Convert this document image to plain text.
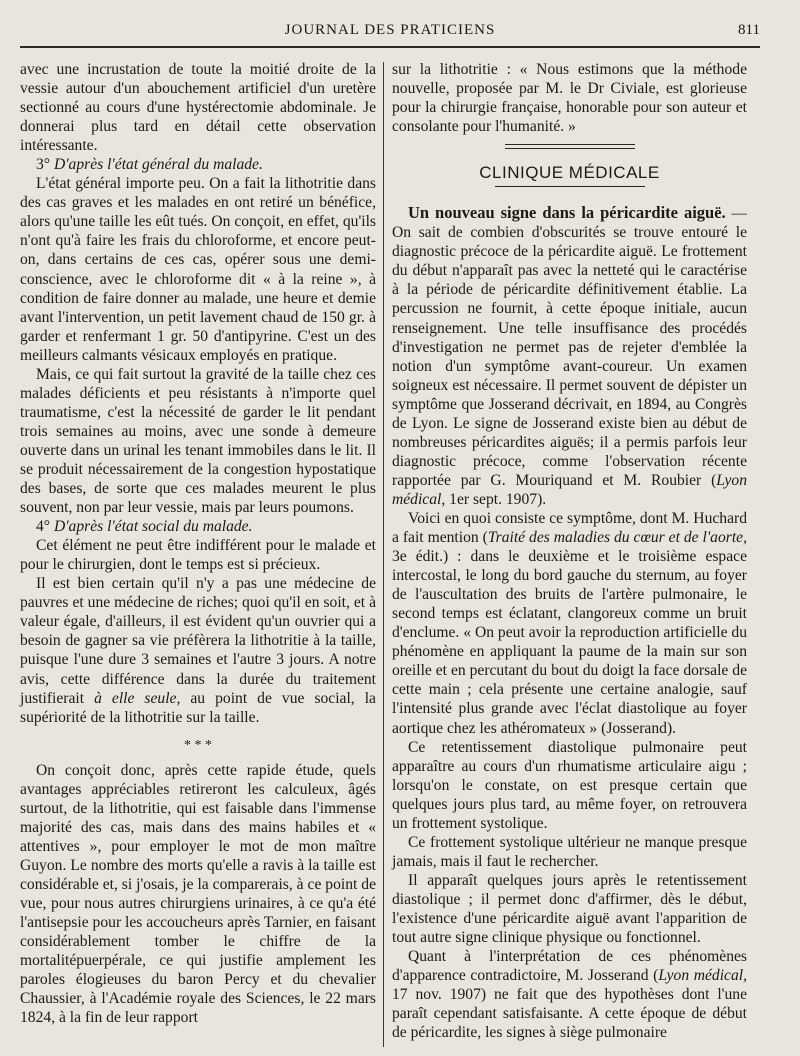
JOURNAL DES PRATICIENS	811

avec une incrustation de toute la moitié droite de la vessie autour d'un abouchement artificiel d'un uretère sectionné au cours d'une hystérectomie abdominale. Je donnerai plus tard en détail cette observation intéressante.

3° D'après l'état général du malade.

L'état général importe peu. On a fait la lithotritie dans des cas graves et les malades en ont retiré un bénéfice, alors qu'une taille les eût tués. On conçoit, en effet, qu'ils n'ont qu'à faire les frais du chloroforme, et encore peut-on, dans certains de ces cas, opérer sous une demi-conscience, avec le chloroforme dit « à la reine », à condition de faire donner au malade, une heure et demie avant l'intervention, un petit lavement chaud de 150 gr. à garder et renfermant 1 gr. 50 d'antipyrine. C'est un des meilleurs calmants vésicaux employés en pratique.

Mais, ce qui fait surtout la gravité de la taille chez ces malades déficients et peu résistants à n'importe quel traumatisme, c'est la nécessité de garder le lit pendant trois semaines au moins, avec une sonde à demeure ouverte dans un urinal les tenant immobiles dans le lit. Il se produit nécessairement de la congestion hypostatique des bases, de sorte que ces malades meurent le plus souvent, non par leur vessie, mais par leurs poumons.

4° D'après l'état social du malade.

Cet élément ne peut être indifférent pour le malade et pour le chirurgien, dont le temps est si précieux.

Il est bien certain qu'il n'y a pas une médecine de pauvres et une médecine de riches; quoi qu'il en soit, et à valeur égale, d'ailleurs, il est évident qu'un ouvrier qui a besoin de gagner sa vie préfèrera la lithotritie à la taille, puisque l'une dure 3 semaines et l'autre 3 jours. A notre avis, cette différence dans la durée du traitement justifierait à elle seule, au point de vue social, la supériorité de la lithotritie sur la taille.

* * *

On conçoit donc, après cette rapide étude, quels avantages appréciables retireront les calculeux, âgés surtout, de la lithotritie, qui est faisable dans l'immense majorité des cas, mais dans des mains habiles et « attentives », pour employer le mot de mon maître Guyon. Le nombre des morts qu'elle a ravis à la taille est considérable et, si j'osais, je la comparerais, à ce point de vue, pour nous autres chirurgiens urinaires, à ce qu'a été l'antisepsie pour les accoucheurs après Tarnier, en faisant considérablement tomber le chiffre de la mortalitépuerpérale, ce qui justifie amplement les paroles élogieuses du baron Percy et du chevalier Chaussier, à l'Académie royale des Sciences, le 22 mars 1824, à la fin de leur rapport

sur la lithotritie : « Nous estimons que la méthode nouvelle, proposée par M. le Dr Civiale, est glorieuse pour la chirurgie française, honorable pour son auteur et consolante pour l'humanité. »

CLINIQUE MÉDICALE

Un nouveau signe dans la péricardite aiguë. — On sait de combien d'obscurités se trouve entouré le diagnostic précoce de la péricardite aiguë. Le frottement du début n'apparaît pas avec la netteté qui le caractérise à la période de péricardite définitivement établie. La percussion ne fournit, à cette époque initiale, aucun renseignement. Une telle insuffisance des procédés d'investigation ne permet pas de rejeter d'emblée la notion d'un symptôme avant-coureur. Un examen soigneux est nécessaire. Il permet souvent de dépister un symptôme que Josserand décrivait, en 1894, au Congrès de Lyon. Le signe de Josserand existe bien au début de nombreuses péricardites aiguës; il a permis parfois leur diagnostic précoce, comme l'observation récente rapportée par G. Mouriquand et M. Roubier (Lyon médical, 1er sept. 1907).

Voici en quoi consiste ce symptôme, dont M. Huchard a fait mention (Traité des maladies du cœur et de l'aorte, 3e édit.) : dans le deuxième et le troisième espace intercostal, le long du bord gauche du sternum, au foyer de l'auscultation des bruits de l'artère pulmonaire, le second temps est éclatant, clangoreux comme un bruit d'enclume. « On peut avoir la reproduction artificielle du phénomène en appliquant la paume de la main sur son oreille et en percutant du bout du doigt la face dorsale de cette main ; cela présente une certaine analogie, sauf l'intensité plus grande avec l'éclat diastolique au foyer aortique chez les athéromateux » (Josserand).

Ce retentissement diastolique pulmonaire peut apparaître au cours d'un rhumatisme articulaire aigu ; lorsqu'on le constate, on est presque certain que quelques jours plus tard, au même foyer, on retrouvera un frottement systolique.

Ce frottement systolique ultérieur ne manque presque jamais, mais il faut le rechercher.

Il apparaît quelques jours après le retentissement diastolique ; il permet donc d'affirmer, dès le début, l'existence d'une péricardite aiguë avant l'apparition de tout autre signe clinique physique ou fonctionnel.

Quant à l'interprétation de ces phénomènes d'apparence contradictoire, M. Josserand (Lyon médical, 17 nov. 1907) ne fait que des hypothèses dont l'une paraît cependant satisfaisante. A cette époque de début de péricardite, les signes à siège pulmonaire
